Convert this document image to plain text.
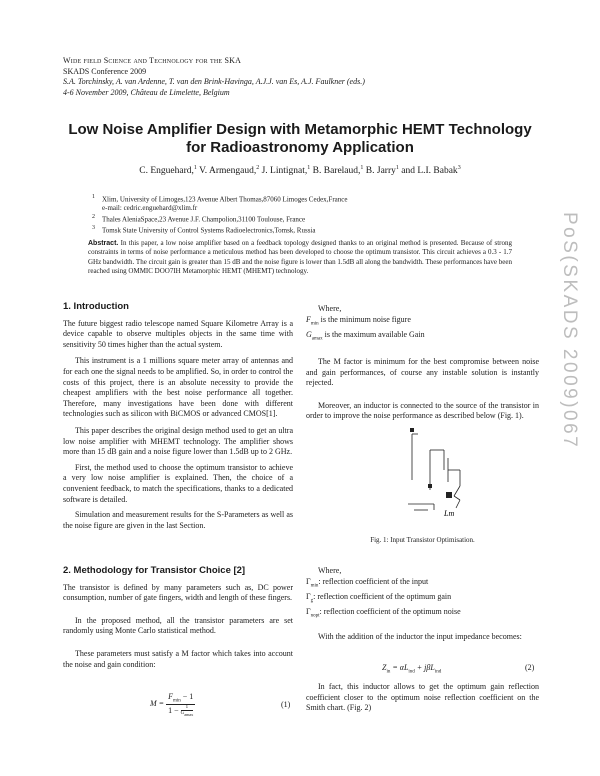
Wide field Science and Technology for the SKA
SKADS Conference 2009
S.A. Torchinsky, A. van Ardenne, T. van den Brink-Havinga, A.J.J. van Es, A.J. Faulkner (eds.)
4-6 November 2009, Château de Limelette, Belgium
Low Noise Amplifier Design with Metamorphic HEMT Technology
for Radioastronomy Application
C. Enguehard,$^1$ V. Armengaud,$^2$ J. Lintignat,$^1$ B. Barelaud,$^1$ B. Jarry$^1$ and L.I. Babak$^3$
$^1$ Xlim, University of Limoges,123 Avenue Albert Thomas,87060 Limoges Cedex,France
e-mail: cedric.enguehard@xlim.fr
$^2$ Thales AleniaSpace,23 Avenue J.F. Champolion,31100 Toulouse, France
$^3$ Tomsk State University of Control Systems Radioelectronics,Tomsk, Russia
Abstract. In this paper, a low noise amplifier based on a feedback topology designed thanks to an original method is presented. Because of strong constraints in terms of noise performance a meticulous method has been developed to choose the optimum transistor. This circuit achieves a 0.3 - 1.7 GHz bandwidth. The circuit gain is greater than 15 dB and the noise figure is lower than 1.5dB all along the bandwidth. These performances have been reached using OMMIC DOO7IH Metamorphic HEMT (MHEMT) technology.	PoS(SKADS 2009)067
1. Introduction

The future biggest radio telescope named Square Kilometre Array is a device capable to observe multiples objects in the same time with sensitivity 50 times higher than the actual system.

This instrument is a 1 millions square meter array of antennas and for each one the signal needs to be amplified. So, in order to control the costs of this project, there is an absolute necessity to provide the cheapest amplifiers with the best noise performance all together. Therefore, many investigations have been done with different technologies such as silicon with BiCMOS or advanced CMOS[1].

This paper describes the original design method used to get an ultra low noise amplifier with MHEMT technology. The amplifier shows more than 15 dB gain and a noise figure lower than 1.5dB up to 2 GHz.

First, the method used to choose the optimum transistor to achieve a very low noise amplifier is explained. Then, the choice of a convenient feedback, to match the specifications, thanks to a dedicated software is detailed.

Simulation and measurement results for the S-Parameters as well as the noise figure are given in the last Section.

2. Methodology for Transistor Choice [2]

The transistor is defined by many parameters such as, DC power consumption, number of gate fingers, width and length of these fingers.

In the proposed method, all the transistor parameters are set randomly using Monte Carlo statistical method.

These parameters must satisfy a M factor which takes into account the noise and gain condition:

$M = \frac{F_{min} - 1}{1 - \frac{1}{G_{amax}}}$	(1)
Where,
$F_{min}$ is the minimum noise figure
$G_{amax}$ is the maximum available Gain

The M factor is minimum for the best compromise between noise and gain performances, of course any instable solution is instantly rejected.

Moreover, an inductor is connected to the source of the transistor in order to improve the noise performance as described below (Fig. 1).

Lm
Fig. 1: Input Transistor Optimisation.
Where,
$\Gamma_{min}$: reflection coefficient of the input
$\Gamma_g$: reflection coefficient of the optimum gain
$\Gamma_{nopt}$: reflection coefficient of the optimum noise

With the addition of the inductor the input impedance becomes:

$Z_{in} = \alpha L_{ind} + j\beta L_{ind}$
(2)

In fact, this inductor allows to get the optimum gain reflection coefficient closer to the optimum noise reflection coefficient on the Smith chart. (Fig. 2)
